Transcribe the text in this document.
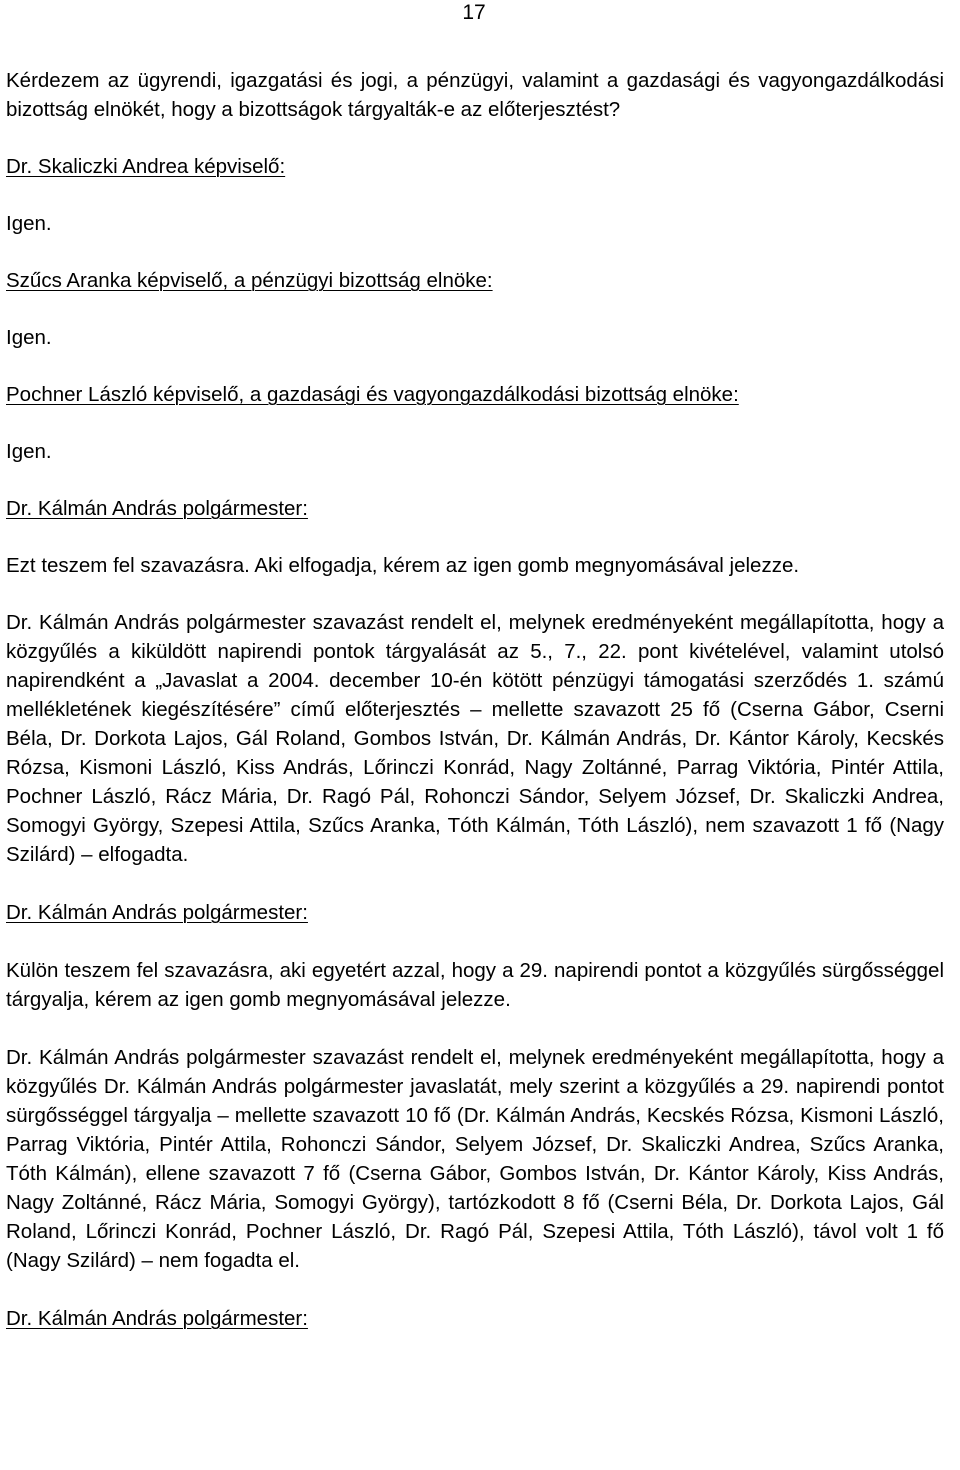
17

Kérdezem az ügyrendi, igazgatási és jogi, a pénzügyi, valamint a gazdasági és vagyongazdálkodási bizottság elnökét, hogy a bizottságok tárgyalták-e az előterjesztést?

Dr. Skaliczki Andrea képviselő:

Igen.

Szűcs Aranka képviselő, a pénzügyi bizottság elnöke:

Igen.

Pochner László képviselő, a gazdasági és vagyongazdálkodási bizottság elnöke:

Igen.

Dr. Kálmán András polgármester:

Ezt teszem fel szavazásra. Aki elfogadja, kérem az igen gomb megnyomásával jelezze.

Dr. Kálmán András polgármester szavazást rendelt el, melynek eredményeként megállapította, hogy a közgyűlés a kiküldött napirendi pontok tárgyalását az 5., 7., 22. pont kivételével, valamint utolsó napirendként a „Javaslat a 2004. december 10-én kötött pénzügyi támogatási szerződés 1. számú mellékletének kiegészítésére” című előterjesztés – mellette szavazott 25 fő (Cserna Gábor, Cserni Béla, Dr. Dorkota Lajos, Gál Roland, Gombos István, Dr. Kálmán András, Dr. Kántor Károly, Kecskés Rózsa, Kismoni László, Kiss András, Lőrinczi Konrád, Nagy Zoltánné, Parrag Viktória, Pintér Attila, Pochner László, Rácz Mária, Dr. Ragó Pál, Rohonczi Sándor, Selyem József, Dr. Skaliczki Andrea, Somogyi György, Szepesi Attila, Szűcs Aranka, Tóth Kálmán, Tóth László), nem szavazott 1 fő (Nagy Szilárd) – elfogadta.

Dr. Kálmán András polgármester:

Külön teszem fel szavazásra, aki egyetért azzal, hogy a 29. napirendi pontot a közgyűlés sürgősséggel tárgyalja, kérem az igen gomb megnyomásával jelezze.

Dr. Kálmán András polgármester szavazást rendelt el, melynek eredményeként megállapította, hogy a közgyűlés Dr. Kálmán András polgármester javaslatát, mely szerint a közgyűlés a 29. napirendi pontot sürgősséggel tárgyalja – mellette szavazott 10 fő (Dr. Kálmán András, Kecskés Rózsa, Kismoni László, Parrag Viktória, Pintér Attila, Rohonczi Sándor, Selyem József, Dr. Skaliczki Andrea, Szűcs Aranka, Tóth Kálmán), ellene szavazott 7 fő (Cserna Gábor, Gombos István, Dr. Kántor Károly, Kiss András, Nagy Zoltánné, Rácz Mária, Somogyi György), tartózkodott 8 fő (Cserni Béla, Dr. Dorkota Lajos, Gál Roland, Lőrinczi Konrád, Pochner László, Dr. Ragó Pál, Szepesi Attila, Tóth László), távol volt 1 fő (Nagy Szilárd) – nem fogadta el.

Dr. Kálmán András polgármester:
